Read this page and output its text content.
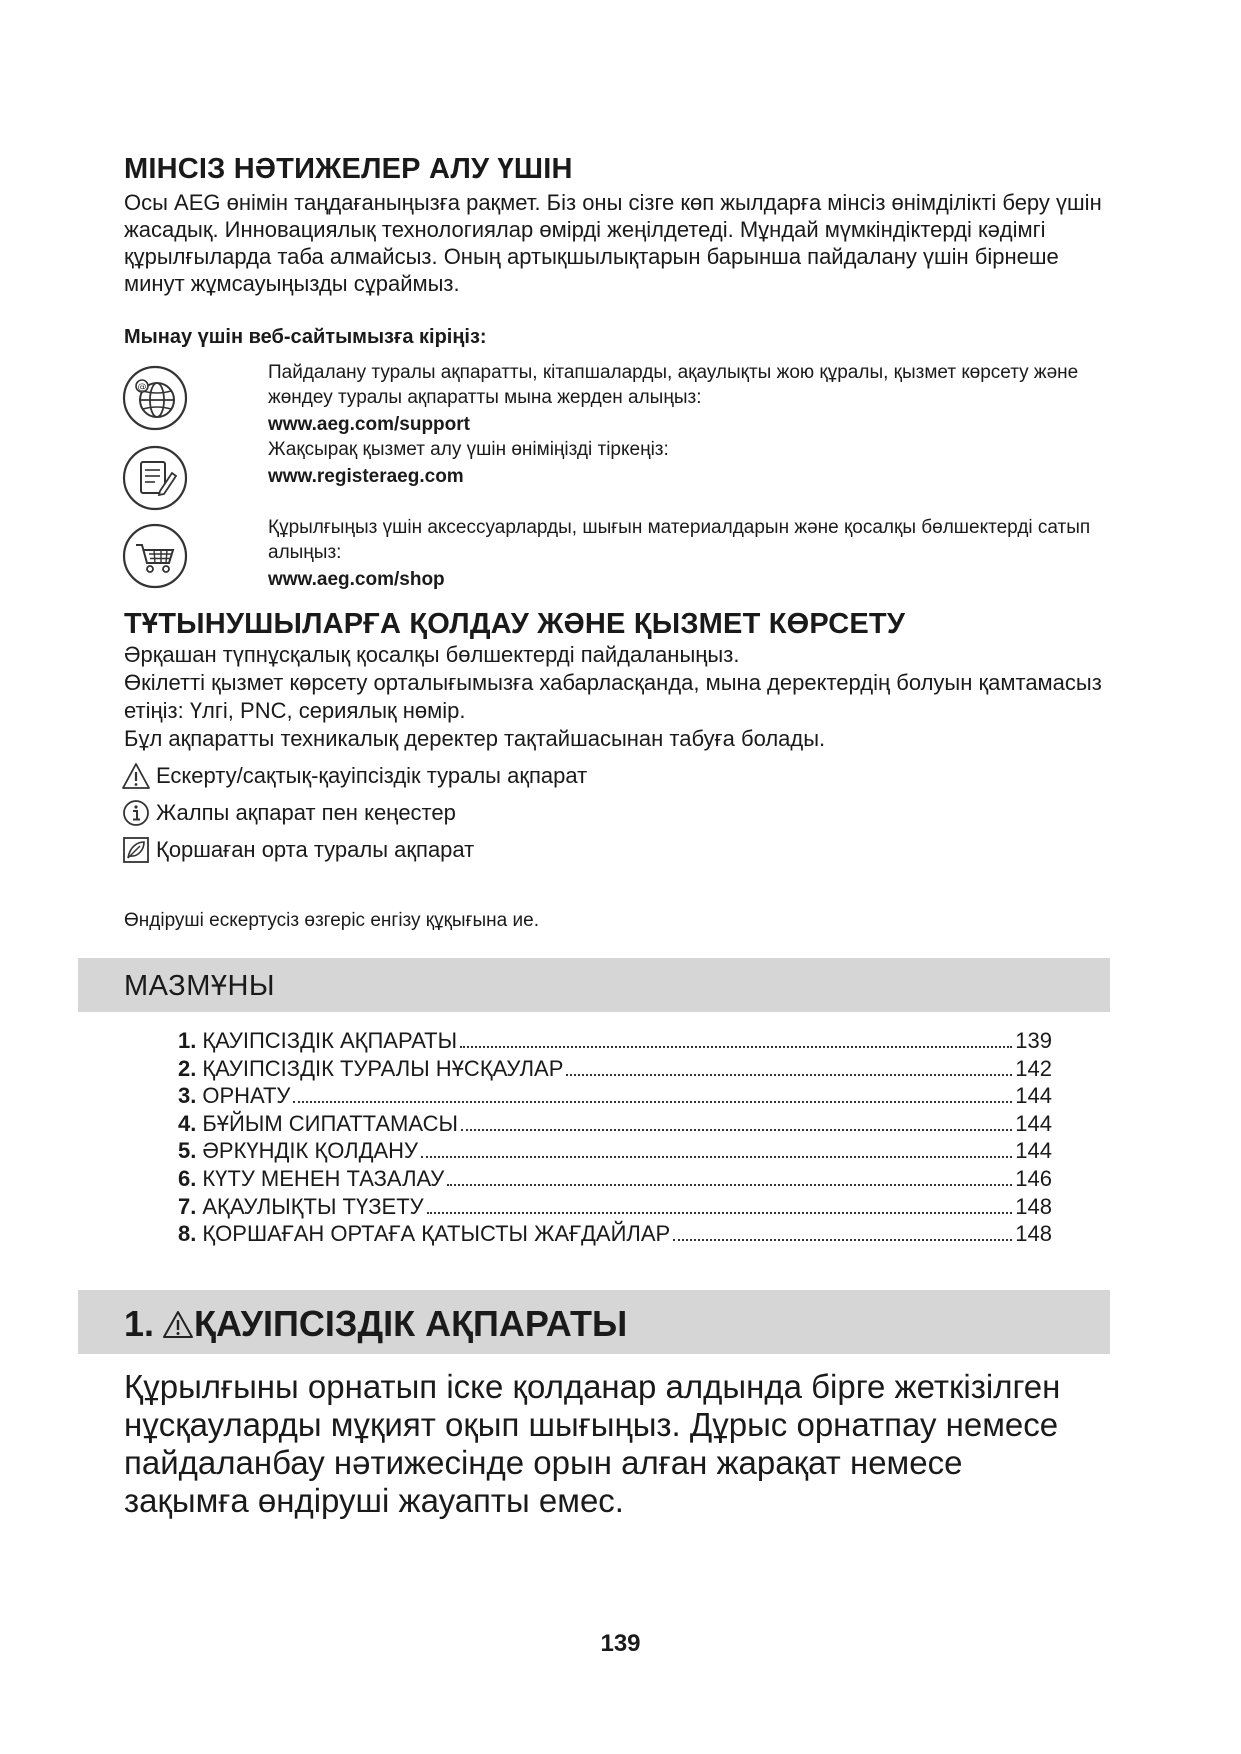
МІНСІЗ НӘТИЖЕЛЕР АЛУ ҮШІН

Осы AEG өнімін таңдағаныңызға рақмет. Біз оны сізге көп жылдарға мінсіз өнімділікті беру үшін жасадық. Инновациялық технологиялар өмірді жеңілдетеді. Мұндай мүмкіндіктерді кәдімгі құрылғыларда таба алмайсыз. Оның артықшылықтарын барынша пайдалану үшін бірнеше минут жұмсауыңызды сұраймыз.

Мынау үшін веб-сайтымызға кіріңіз:

@
Пайдалану туралы ақпаратты, кітапшаларды, ақаулықты жою құралы, қызмет көрсету және жөндеу туралы ақпаратты мына жерден алыңыз:
www.aeg.com/support
Жақсырақ қызмет алу үшін өніміңізді тіркеңіз:
www.registeraeg.com
Құрылғыңыз үшін аксессуарларды, шығын материалдарын және қосалқы бөлшектерді сатып алыңыз:
www.aeg.com/shop
ТҰТЫНУШЫЛАРҒА ҚОЛДАУ ЖӘНЕ ҚЫЗМЕТ КӨРСЕТУ
Әрқашан түпнұсқалық қосалқы бөлшектерді пайдаланыңыз.
Өкілетті қызмет көрсету орталығымызға хабарласқанда, мына деректердің болуын қамтамасыз етіңіз: Үлгі, PNC, сериялық нөмір.
Бұл ақпаратты техникалық деректер тақтайшасынан табуға болады.
Ескерту/сақтық-қауіпсіздік туралы ақпарат
Жалпы ақпарат пен кеңестер
Қоршаған орта туралы ақпарат

Өндіруші ескертусіз өзгеріс енгізу құқығына ие.

МАЗМҰНЫ
1. ҚАУІПСІЗДІК АҚПАРАТЫ	139
2. ҚАУІПСІЗДІК ТУРАЛЫ НҰСҚАУЛАР	142
3. ОРНАТУ	144
4. БҰЙЫМ СИПАТТАМАСЫ	144
5. ӘРКҮНДІК ҚОЛДАНУ	144
6. КҮТУ МЕНЕН ТАЗАЛАУ	146
7. АҚАУЛЫҚТЫ ТҮЗЕТУ	148
8. ҚОРШАҒАН ОРТАҒА ҚАТЫСТЫ ЖАҒДАЙЛАР	148
1. ҚАУІПСІЗДІК АҚПАРАТЫ

Құрылғыны орнатып іске қолданар алдында бірге жеткізілген нұсқауларды мұқият оқып шығыңыз. Дұрыс орнатпау немесе пайдаланбау нәтижесінде орын алған жарақат немесе зақымға өндіруші жауапты емес.

139
